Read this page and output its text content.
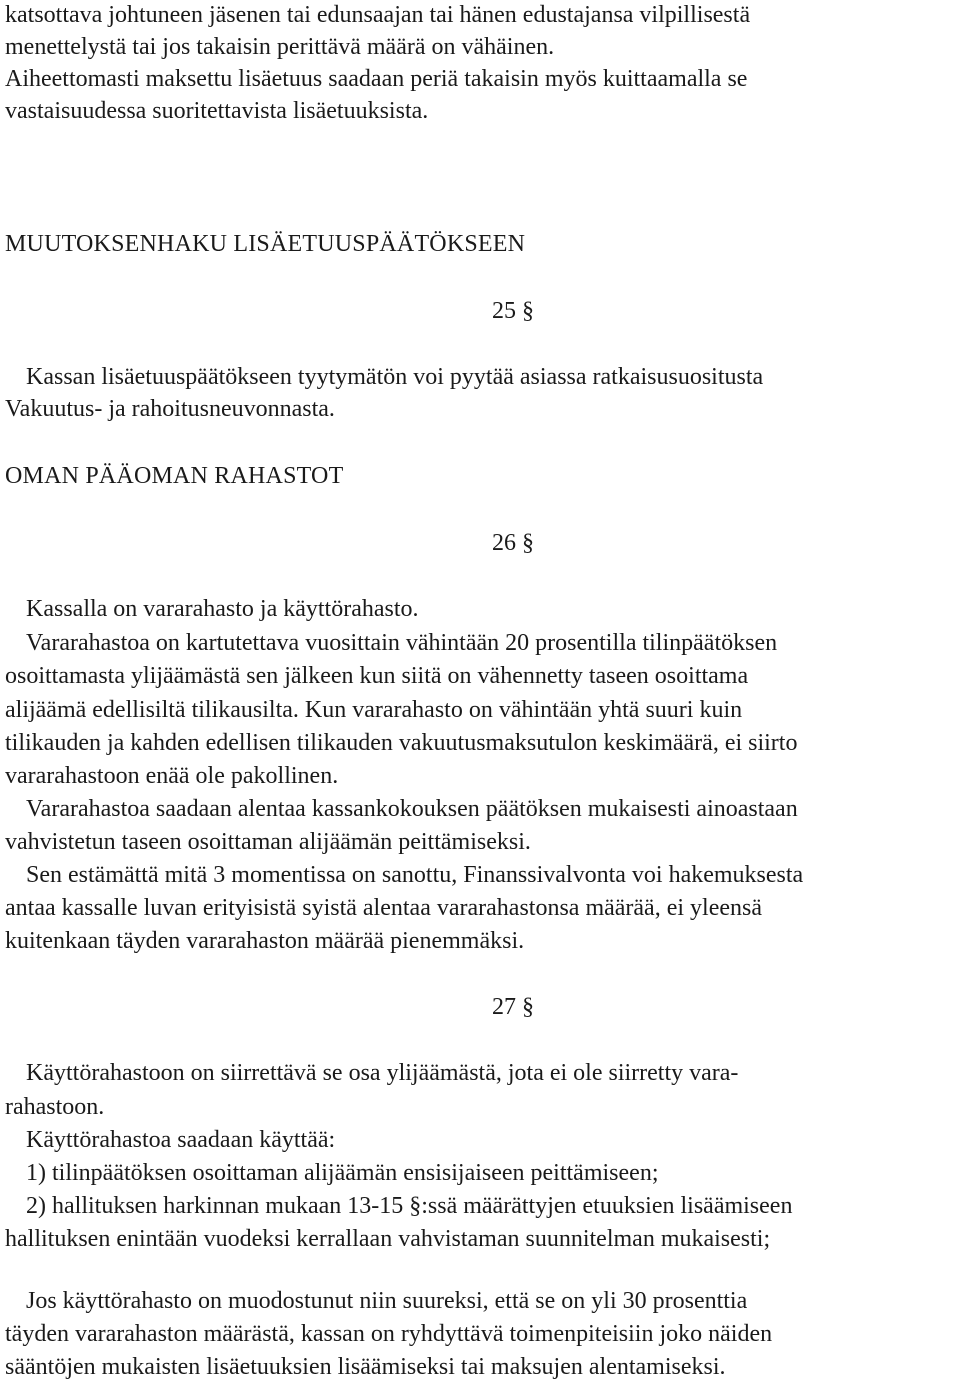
katsottava johtuneen jäsenen tai edunsaajan tai hänen edustajansa vilpillisestä

menettelystä tai jos takaisin perittävä määrä on vähäinen.

Aiheettomasti maksettu lisäetuus saadaan periä takaisin myös kuittaamalla se

vastaisuudessa suoritettavista lisäetuuksista.

MUUTOKSENHAKU LISÄETUUSPÄÄTÖKSEEN

25 §

Kassan lisäetuuspäätökseen tyytymätön voi pyytää asiassa ratkaisusuositusta

Vakuutus- ja rahoitusneuvonnasta.

OMAN PÄÄOMAN RAHASTOT

26 §

Kassalla on vararahasto ja käyttörahasto.

Vararahastoa on kartutettava vuosittain vähintään 20 prosentilla tilinpäätöksen

osoittamasta ylijäämästä sen jälkeen kun siitä on vähennetty taseen osoittama

alijäämä edellisiltä tilikausilta. Kun vararahasto on vähintään yhtä suuri kuin

tilikauden ja kahden edellisen tilikauden vakuutusmaksutulon keskimäärä, ei siirto

vararahastoon enää ole pakollinen.

Vararahastoa saadaan alentaa kassankokouksen päätöksen mukaisesti ainoastaan

vahvistetun taseen osoittaman alijäämän peittämiseksi.

Sen estämättä mitä 3 momentissa on sanottu, Finanssivalvonta voi hakemuksesta

antaa kassalle luvan erityisistä syistä alentaa vararahastonsa määrää, ei yleensä

kuitenkaan täyden vararahaston määrää pienemmäksi.

27 §

Käyttörahastoon on siirrettävä se osa ylijäämästä, jota ei ole siirretty vara-

rahastoon.

Käyttörahastoa saadaan käyttää:

1) tilinpäätöksen osoittaman alijäämän ensisijaiseen peittämiseen;

2) hallituksen harkinnan mukaan 13-15 §:ssä määrättyjen etuuksien lisäämiseen

hallituksen enintään vuodeksi kerrallaan vahvistaman suunnitelman mukaisesti;

Jos käyttörahasto on muodostunut niin suureksi, että se on yli 30 prosenttia

täyden vararahaston määrästä, kassan on ryhdyttävä toimenpiteisiin joko näiden

sääntöjen mukaisten lisäetuuksien lisäämiseksi tai maksujen alentamiseksi.
